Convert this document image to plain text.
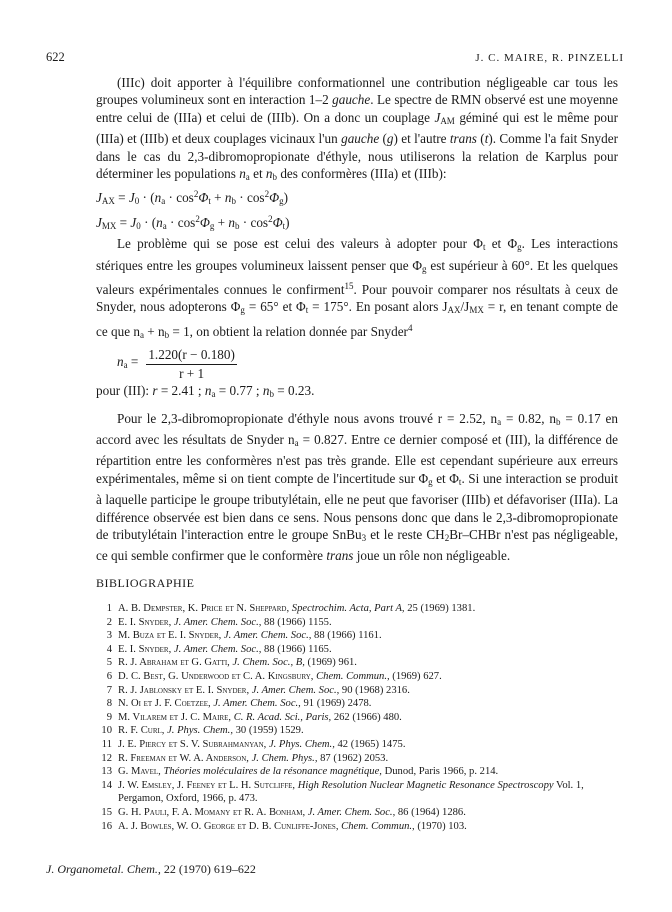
622	J. C. MAIRE, R. PINZELLI

(IIIc) doit apporter à l'équilibre conformationnel une contribution négligeable car tous les groupes volumineux sont en interaction 1–2 gauche. Le spectre de RMN observé est une moyenne entre celui de (IIIa) et celui de (IIIb). On a donc un couplage $J_{AM}$ géminé qui est le même pour (IIIa) et (IIIb) et deux couplages vicinaux l'un gauche (g) et l'autre trans (t). Comme l'a fait Snyder dans le cas du 2,3-dibromopropionate d'éthyle, nous utiliserons la relation de Karplus pour déterminer les populations $n_a$ et $n_b$ des conformères (IIIa) et (IIIb):

$J_{AX} = J_0 \cdot (n_a \cdot \cos^2\Phi_t + n_b \cdot \cos^2\Phi_g)$

$J_{MX} = J_0 \cdot (n_a \cdot \cos^2\Phi_g + n_b \cdot \cos^2\Phi_t)$

Le problème qui se pose est celui des valeurs à adopter pour $\Phi_t$ et $\Phi_g$. Les interactions stériques entre les groupes volumineux laissent penser que $\Phi_g$ est supérieur à 60°. Et les quelques valeurs expérimentales connues le confirment$^{15}$. Pour pouvoir comparer nos résultats à ceux de Snyder, nous adopterons $\Phi_g = 65^\circ$ et $\Phi_t = 175^\circ$. En posant alors $J_{AX}/J_{MX} = r$, en tenant compte de ce que $n_a + n_b = 1$, on obtient la relation donnée par Snyder$^4$

$n_a = \frac{1.220(r - 0.180)}{r + 1}$

pour (III): r = 2.41 ; $n_a = 0.77$ ; $n_b = 0.23$.

Pour le 2,3-dibromopropionate d'éthyle nous avons trouvé r = 2.52, $n_a = 0.82$, $n_b = 0.17$ en accord avec les résultats de Snyder $n_a = 0.827$. Entre ce dernier composé et (III), la différence de répartition entre les conformères n'est pas très grande. Elle est cependant supérieure aux erreurs expérimentales, même si on tient compte de l'incertitude sur $\Phi_g$ et $\Phi_t$. Si une interaction se produit à laquelle participe le groupe tributylétain, elle ne peut que favoriser (IIIb) et défavoriser (IIIa). La différence observée est bien dans ce sens. Nous pensons donc que dans le 2,3-dibromopropionate de tributylétain l'interaction entre le groupe SnBu$_3$ et le reste $CH_2Br$–CHBr n'est pas négligeable, ce qui semble confirmer que le conformère trans joue un rôle non négligeable.

BIBLIOGRAPHIE
1 A. B. Dempster, K. Price et N. Sheppard, Spectrochim. Acta, Part A, 25 (1969) 1381.
2 E. I. Snyder, J. Amer. Chem. Soc., 88 (1966) 1155.
3 M. Buza et E. I. Snyder, J. Amer. Chem. Soc., 88 (1966) 1161.
4 E. I. Snyder, J. Amer. Chem. Soc., 88 (1966) 1165.
5 R. J. Abraham et G. Gatti, J. Chem. Soc., B, (1969) 961.
6 D. C. Best, G. Underwood et C. A. Kingsbury, Chem. Commun., (1969) 627.
7 R. J. Jablonsky et E. I. Snyder, J. Amer. Chem. Soc., 90 (1968) 2316.
8 N. Oi et J. F. Coetzee, J. Amer. Chem. Soc., 91 (1969) 2478.
9 M. Vilarem et J. C. Maire, C. R. Acad. Sci., Paris, 262 (1966) 480.
10 R. F. Curl, J. Phys. Chem., 30 (1959) 1529.
11 J. E. Piercy et S. V. Subrahmanyan, J. Phys. Chem., 42 (1965) 1475.
12 R. Freeman et W. A. Anderson, J. Chem. Phys., 87 (1962) 2053.
13 G. Mavel, Théories moléculaires de la résonance magnétique, Dunod, Paris 1966, p. 214.
14 J. W. Emsley, J. Feeney et L. H. Sutcliffe, High Resolution Nuclear Magnetic Resonance Spectroscopy Vol. 1, Pergamon, Oxford, 1966, p. 473.
15 G. H. Pauli, F. A. Momany et R. A. Bonham, J. Amer. Chem. Soc., 86 (1964) 1286.
16 A. J. Bowles, W. O. George et D. B. Cunliffe-Jones, Chem. Commun., (1970) 103.
J. Organometal. Chem., 22 (1970) 619–622
